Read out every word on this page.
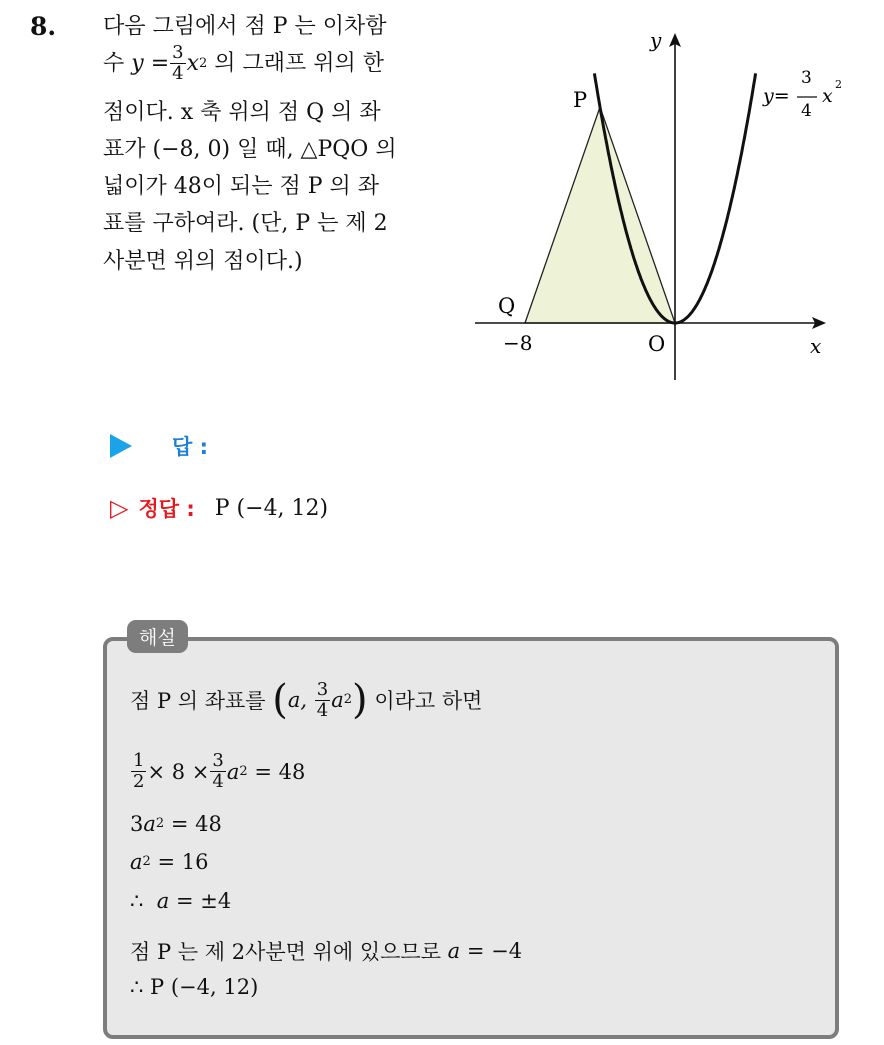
8. 다음 그림에서 점 P 는 이차함
수
$y = \frac{3}{4}$ x 2
의 그래프 위의 한
점이다. x 축 위의 점 Q 의 좌
표가 (−8, 0) 일 때, △PQO 의
넓이가 48이 되는 점 P 의 좌
표를 구하여라. (단, P 는 제 2
사분면 위의 점이다.)
y
x
P
Q
O
−8
y=
3
4
x
2
답 :
▷ 정답 : P (−4, 12)
해설
점 P 의 좌표를
( a,
$\frac{3}{4}$ a 2 )
이라고 하면
$\frac{1}{2} \times 8 \times \frac{3}{4}$ a 2
= 48
3 a 2
= 48
a 2
= 16
∴
a
= ±4
점 P 는 제 2사분면 위에 있으므로
a
= −4
∴ P (−4, 12)
